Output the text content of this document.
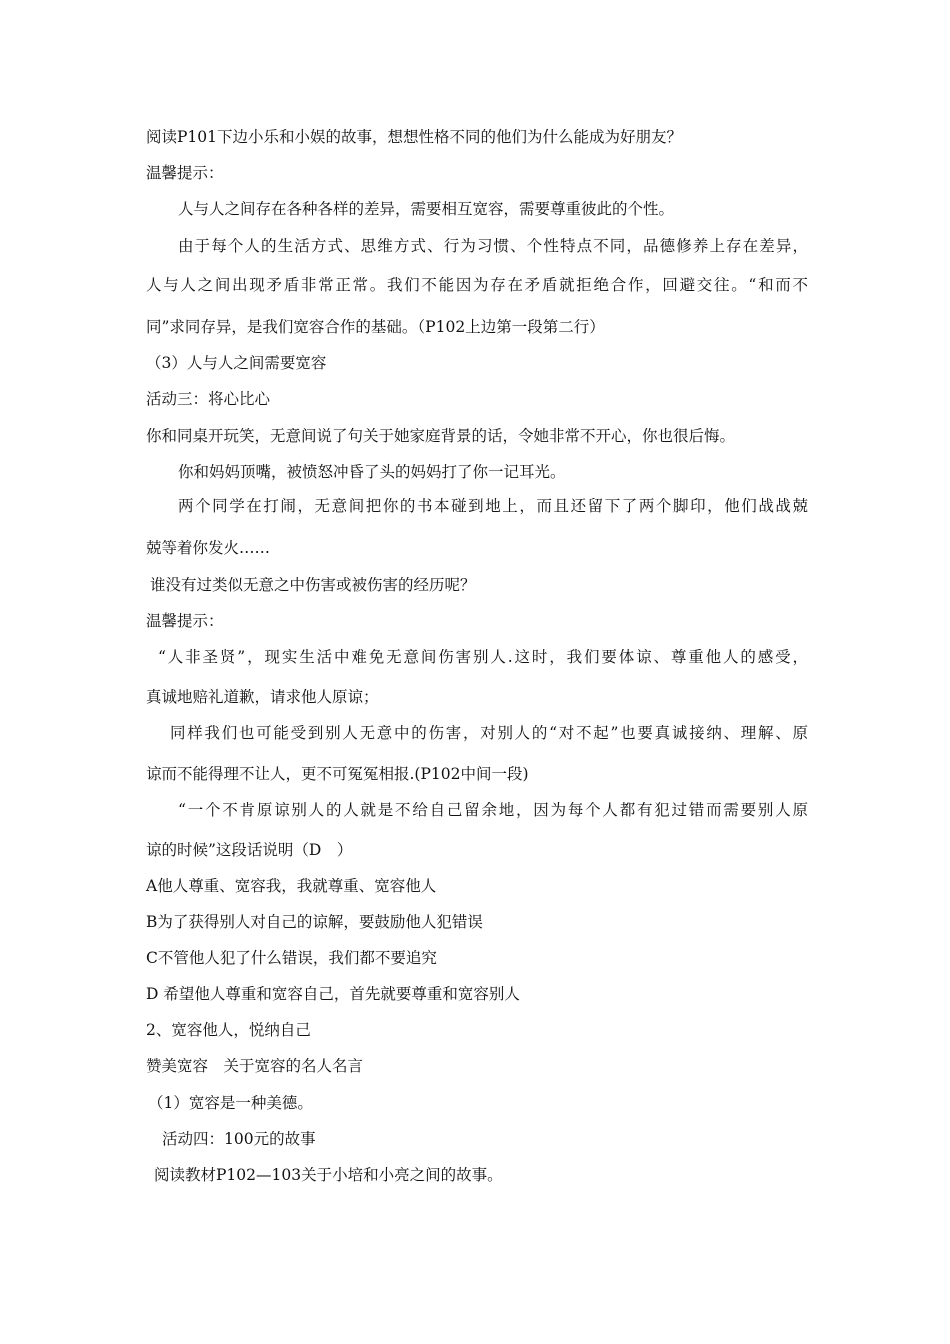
阅读P101下边小乐和小娱的故事，想想性格不同的他们为什么能成为好朋友？
温馨提示：
人与人之间存在各种各样的差异，需要相互宽容，需要尊重彼此的个性。
由于每个人的生活方式、思维方式、行为习惯、个性特点不同，品德修养上存在差异，
人与人之间出现矛盾非常正常。我们不能因为存在矛盾就拒绝合作，回避交往。“和而不
同”求同存异，是我们宽容合作的基础。（P102上边第一段第二行）
（3）人与人之间需要宽容
活动三：将心比心
你和同桌开玩笑，无意间说了句关于她家庭背景的话，令她非常不开心，你也很后悔。
你和妈妈顶嘴，被愤怒冲昏了头的妈妈打了你一记耳光。
两个同学在打闹，无意间把你的书本碰到地上，而且还留下了两个脚印，他们战战兢
兢等着你发火……
谁没有过类似无意之中伤害或被伤害的经历呢？
温馨提示：
“人非圣贤”，现实生活中难免无意间伤害别人.这时，我们要体谅、尊重他人的感受，
真诚地赔礼道歉，请求他人原谅；
同样我们也可能受到别人无意中的伤害，对别人的“对不起”也要真诚接纳、理解、原
谅而不能得理不让人，更不可冤冤相报.(P102中间一段)
“一个不肯原谅别人的人就是不给自己留余地，因为每个人都有犯过错而需要别人原
谅的时候”这段话说明（D　）
A他人尊重、宽容我，我就尊重、宽容他人
B为了获得别人对自己的谅解，要鼓励他人犯错误
C不管他人犯了什么错误，我们都不要追究
D 希望他人尊重和宽容自己，首先就要尊重和宽容别人
2、宽容他人，悦纳自己
赞美宽容　关于宽容的名人名言
（1）宽容是一种美德。
活动四：100元的故事
阅读教材P102—103关于小培和小亮之间的故事。
